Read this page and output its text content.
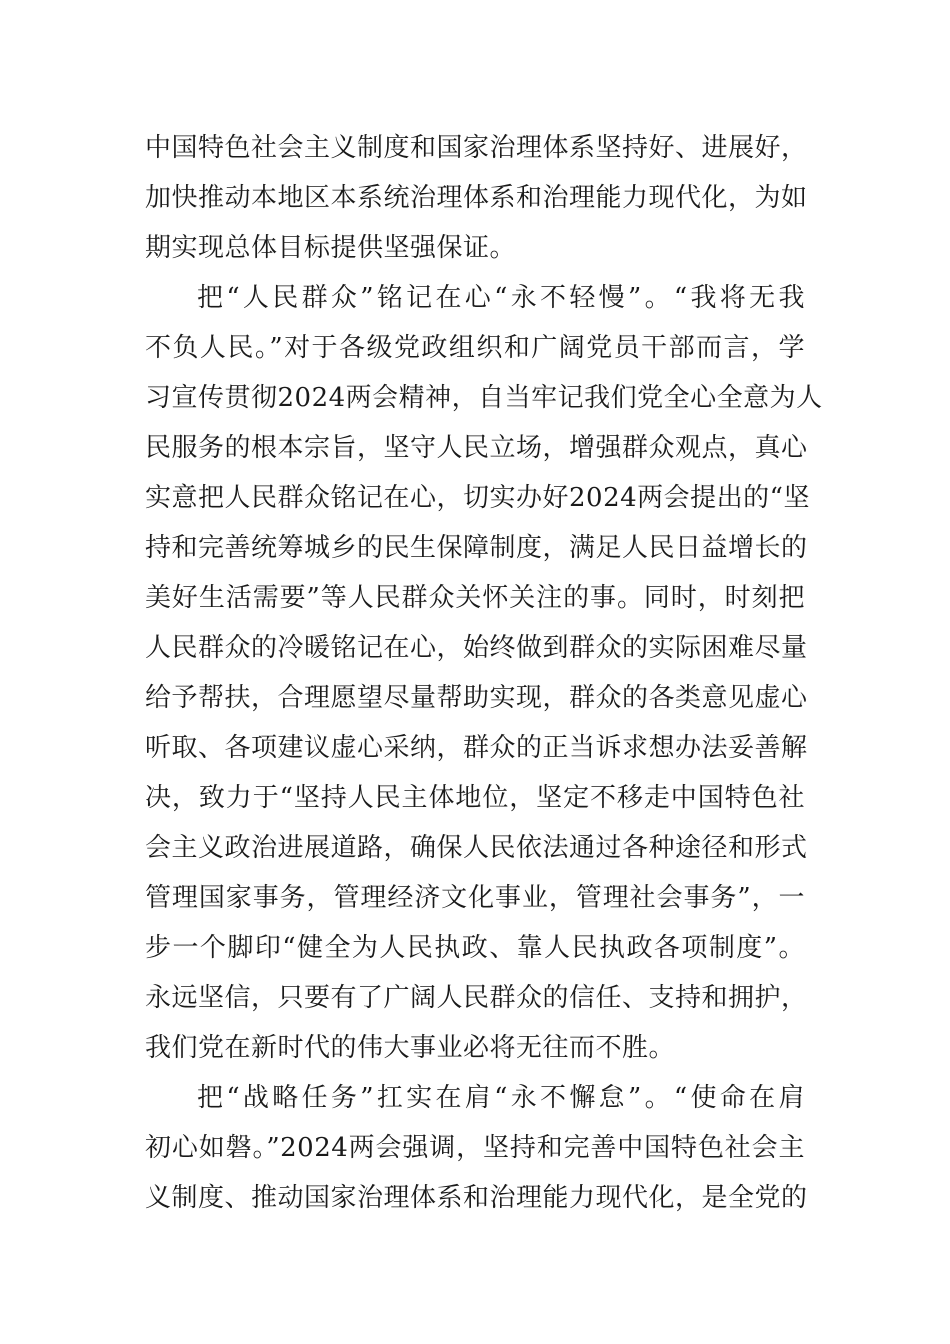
中国特色社会主义制度和国家治理体系坚持好、进展好，
加快推动本地区本系统治理体系和治理能力现代化，为如
期实现总体目标提供坚强保证。
把“人民群众”铭记在心“永不轻慢”。“我将无我
不负人民。”对于各级党政组织和广阔党员干部而言，学
习宣传贯彻2024两会精神，自当牢记我们党全心全意为人
民服务的根本宗旨，坚守人民立场，增强群众观点，真心
实意把人民群众铭记在心，切实办好2024两会提出的“坚
持和完善统筹城乡的民生保障制度，满足人民日益增长的
美好生活需要”等人民群众关怀关注的事。同时，时刻把
人民群众的冷暖铭记在心，始终做到群众的实际困难尽量
给予帮扶，合理愿望尽量帮助实现，群众的各类意见虚心
听取、各项建议虚心采纳，群众的正当诉求想办法妥善解
决，致力于“坚持人民主体地位，坚定不移走中国特色社
会主义政治进展道路，确保人民依法通过各种途径和形式
管理国家事务，管理经济文化事业，管理社会事务”，一
步一个脚印“健全为人民执政、靠人民执政各项制度”。
永远坚信，只要有了广阔人民群众的信任、支持和拥护，
我们党在新时代的伟大事业必将无往而不胜。
把“战略任务”扛实在肩“永不懈怠”。“使命在肩
初心如磐。”2024两会强调，坚持和完善中国特色社会主
义制度、推动国家治理体系和治理能力现代化，是全党的
